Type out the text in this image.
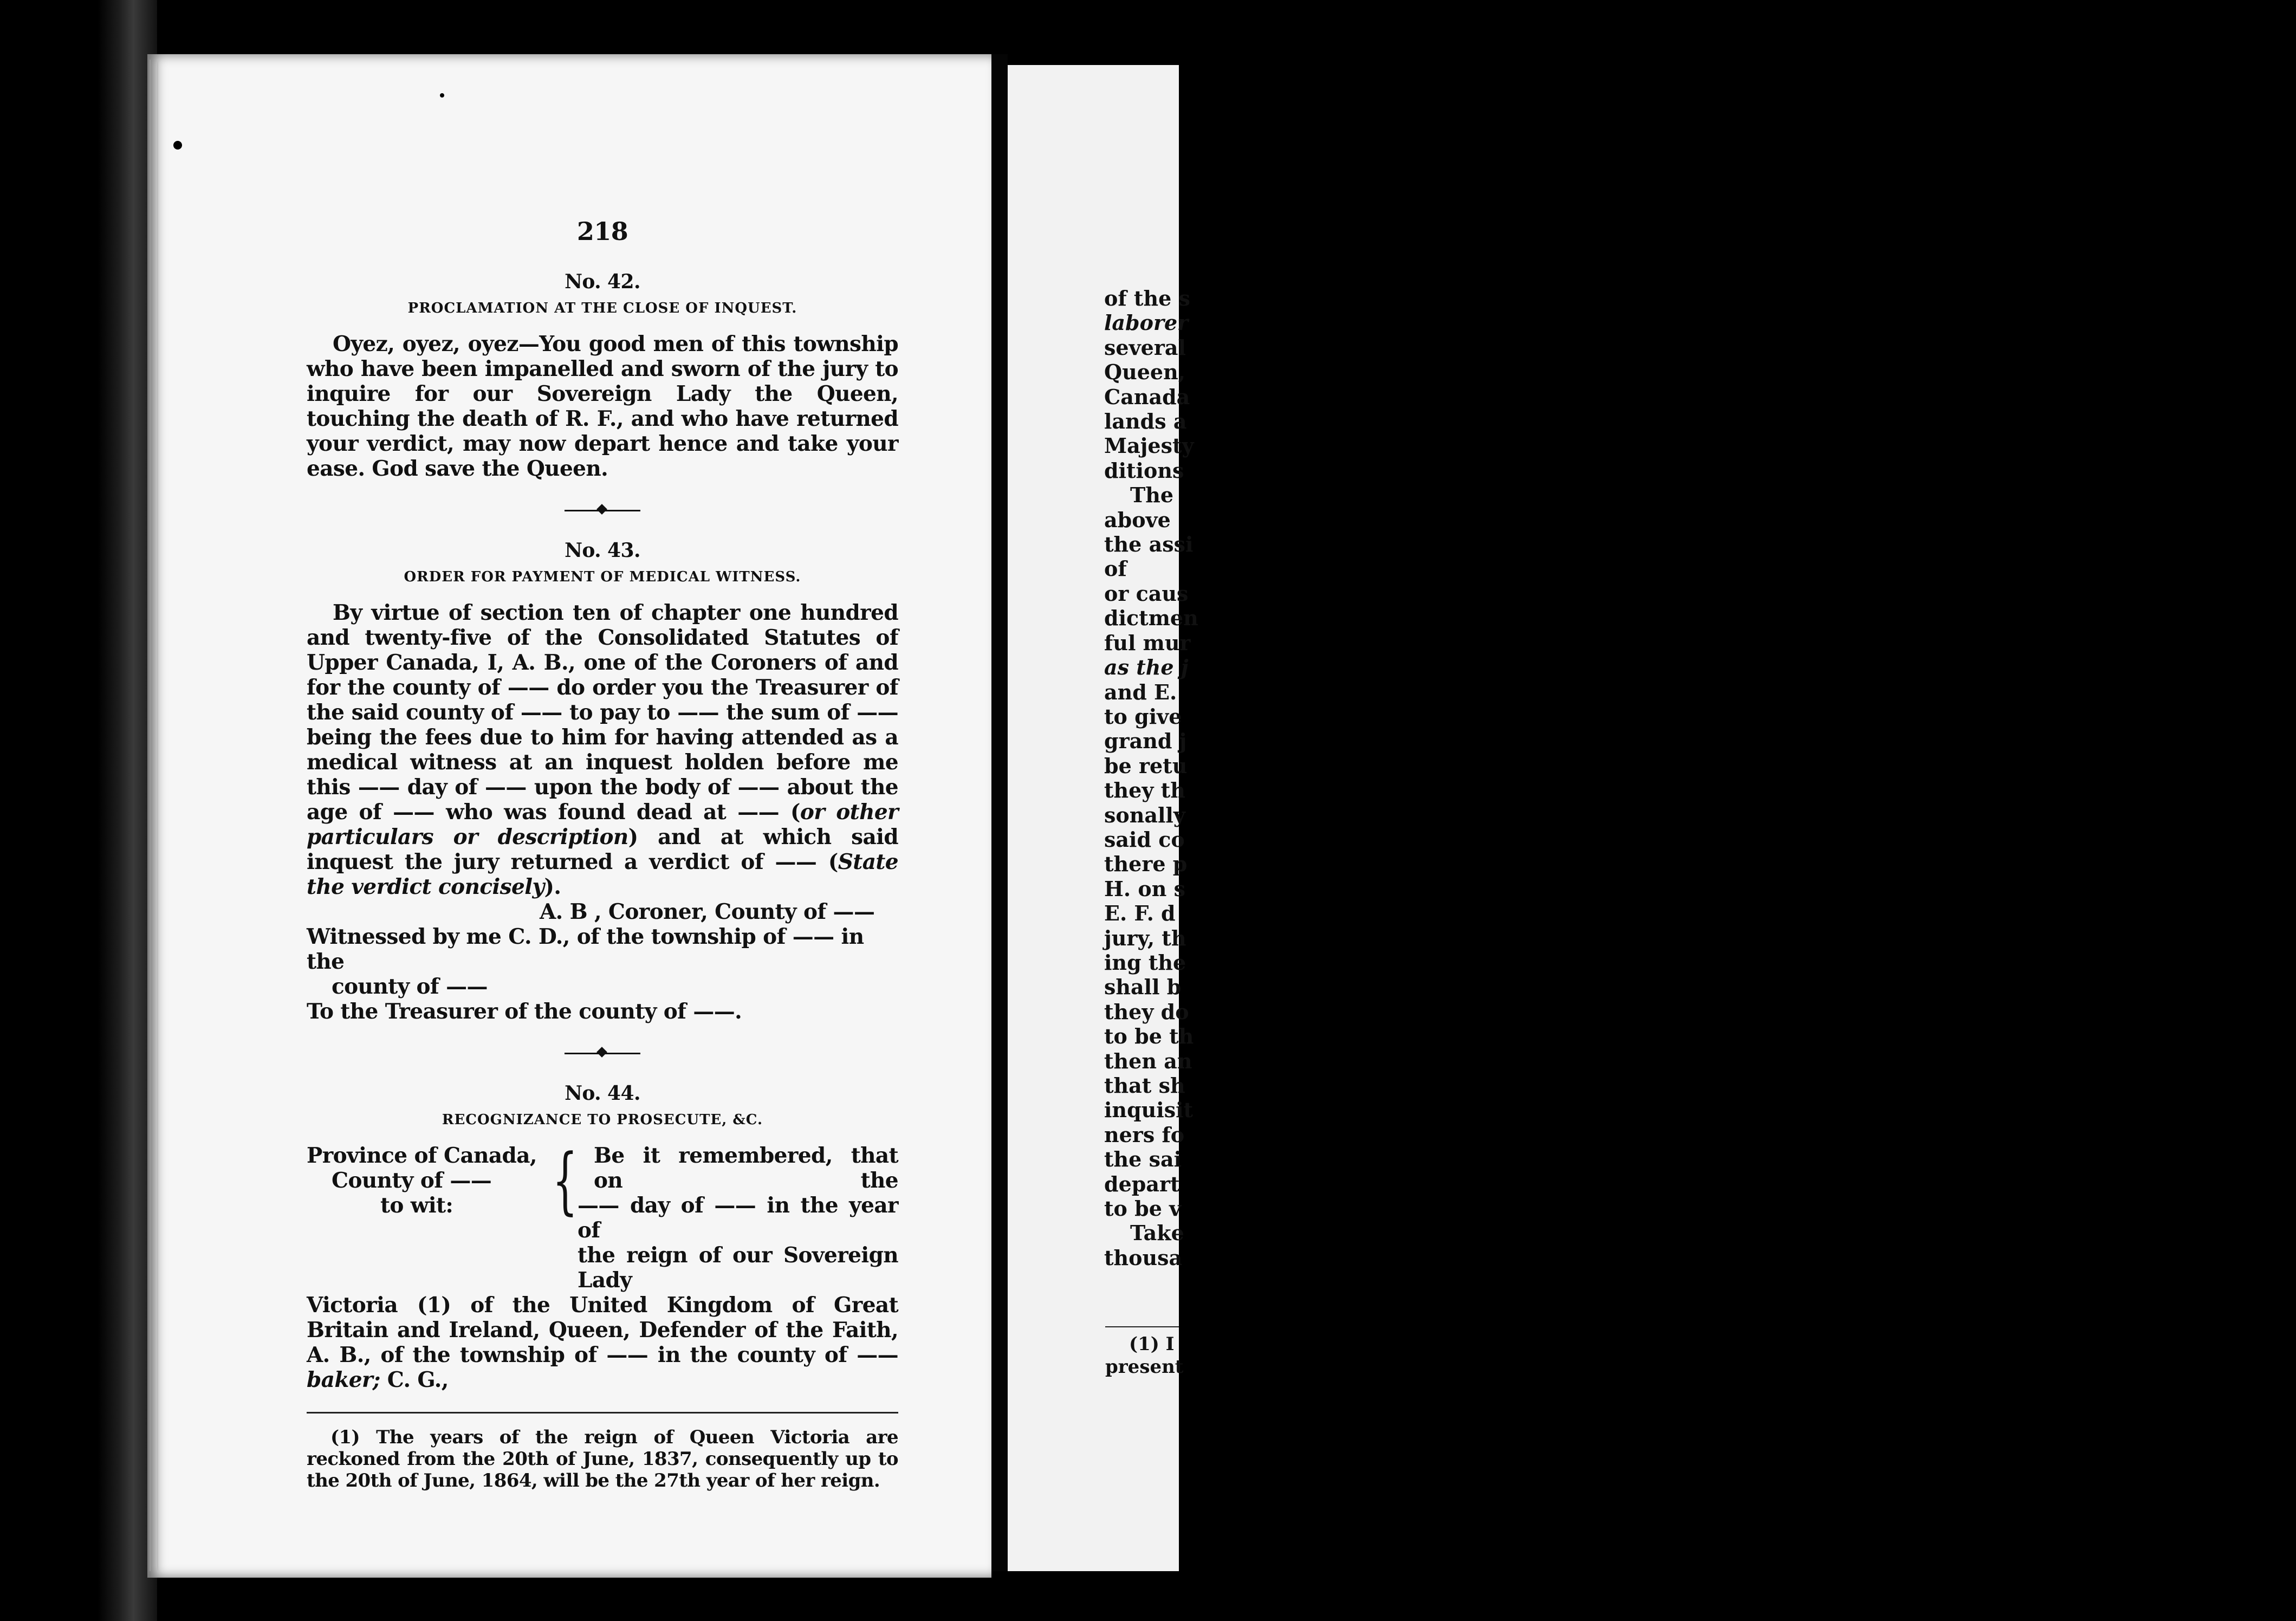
of the s
laborer
several
Queen,
Canada
lands a
Majesty
ditions
The
above
the assi
of
or caus
dictmen
ful mur
as the j
and E.
to give
grand j
be retu
they th
sonally
said co
there p
H. on s
E. F. d
jury, th
ing the
shall b
they do
to be th
then an
that sh
inquisit
ners fo
the sai
depart
to be v
Take
thousa
(1) I
present
218
No. 42.
PROCLAMATION AT THE CLOSE OF INQUEST.

Oyez, oyez, oyez—You good men of this township who have been impanelled and sworn of the jury to inquire for our Sovereign Lady the Queen, touching the death of R. F., and who have returned your verdict, may now depart hence and take your ease. God save the Queen.

No. 43.
ORDER FOR PAYMENT OF MEDICAL WITNESS.

By virtue of section ten of chapter one hundred and twenty-five of the Consolidated Statutes of Upper Canada, I, A. B., one of the Coroners of and for the county of —— do order you the Treasurer of the said county of —— to pay to —— the sum of —— being the fees due to him for having attended as a medical witness at an inquest holden before me this —— day of —— upon the body of —— about the age of —— who was found dead at —— (or other particulars or description) and at which said inquest the jury returned a verdict of —— (State the verdict concisely).

A. B , Coroner, County of ——
Witnessed by me C. D., of the township of —— in the
county of ——
To the Treasurer of the county of ——.
No. 44.
RECOGNIZANCE TO PROSECUTE, &C.
Province of Canada,
County of ——
to wit:	{ Be it remembered, that on the
—— day of —— in the year of
the reign of our Sovereign Lady

Victoria (1) of the United Kingdom of Great Britain and Ireland, Queen, Defender of the Faith, A. B., of the township of —— in the county of —— baker; C. G.,

(1) The years of the reign of Queen Victoria are reckoned from the 20th of June, 1837, consequently up to the 20th of June, 1864, will be the 27th year of her reign.
